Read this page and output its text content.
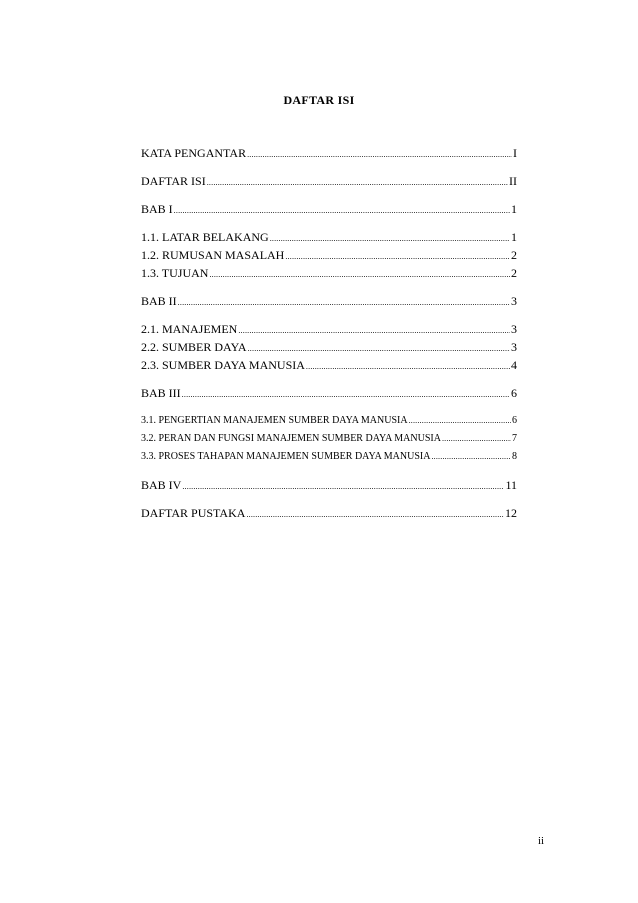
DAFTAR ISI
KATA PENGANTAR .....	I
DAFTAR ISI .....	II
BAB I .....	1
1.1. LATAR BELAKANG .....	1
1.2. RUMUSAN MASALAH .....	2
1.3. TUJUAN .....	2
BAB II .....	3
2.1. MANAJEMEN .....	3
2.2. SUMBER DAYA .....	3
2.3. SUMBER DAYA MANUSIA .....	4
BAB III .....	6
3.1. PENGERTIAN MANAJEMEN SUMBER DAYA MANUSIA .....	6
3.2. PERAN DAN FUNGSI MANAJEMEN SUMBER DAYA MANUSIA .....	7
3.3. PROSES TAHAPAN MANAJEMEN SUMBER DAYA MANUSIA .....	8
BAB IV .....	11
DAFTAR PUSTAKA .....	12
ii
